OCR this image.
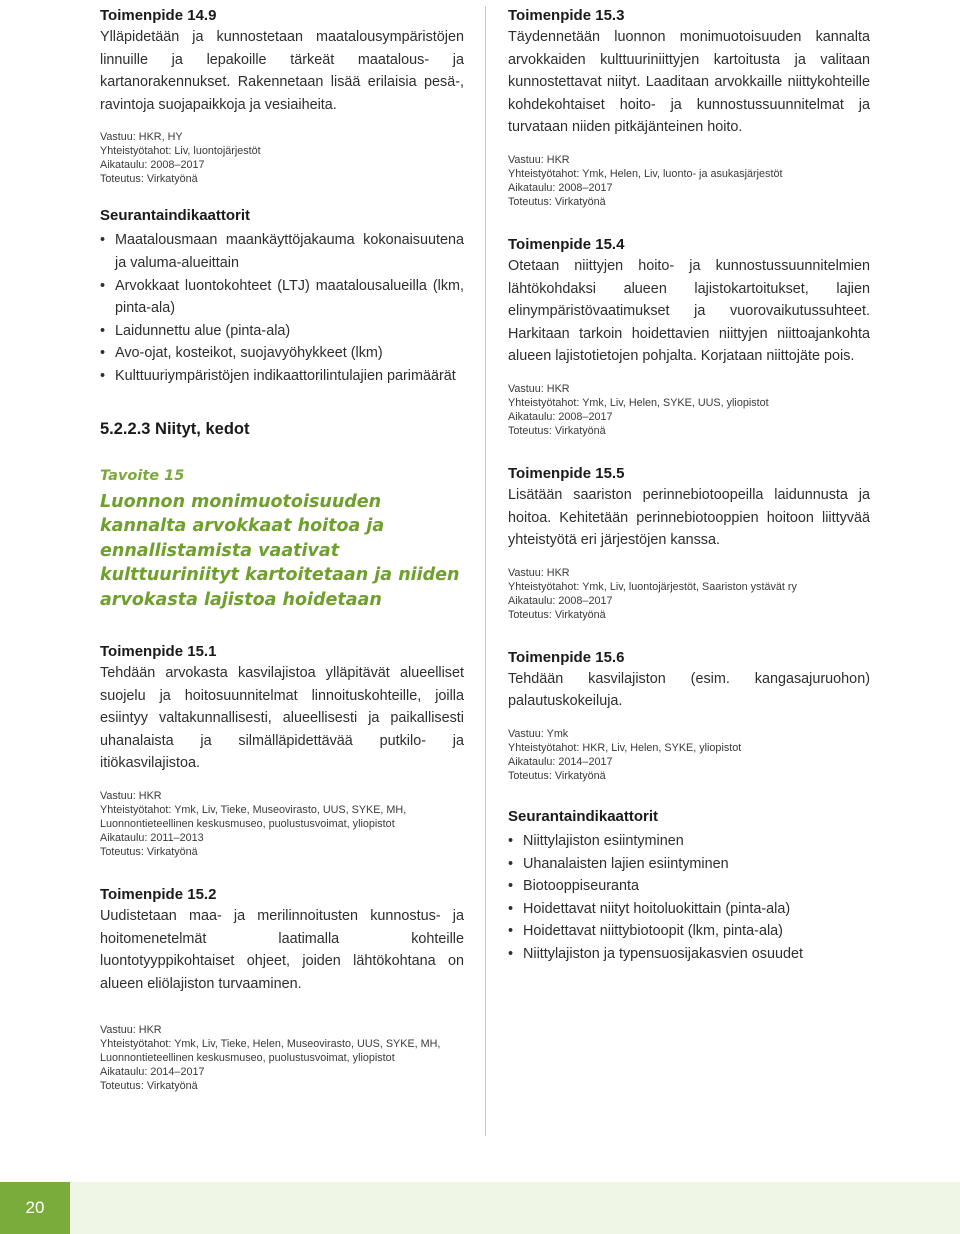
Toimenpide 14.9
Ylläpidetään ja kunnostetaan maatalousympäristöjen linnuille ja lepakoille tärkeät maatalous- ja kartanorakennukset. Rakennetaan lisää erilaisia pesä-, ravintoja suojapaikkoja ja vesiaiheita.
Vastuu: HKR, HY
Yhteistyötahot: Liv, luontojärjestöt
Aikataulu: 2008–2017
Toteutus: Virkatyönä
Seurantaindikaattorit
• Maatalousmaan maankäyttöjakauma kokonaisuutena ja valuma-alueittain
• Arvokkaat luontokohteet (LTJ) maatalousalueilla (lkm, pinta-ala)
• Laidunnettu alue (pinta-ala)
• Avo-ojat, kosteikot, suojavyöhykkeet (lkm)
• Kulttuuriympäristöjen indikaattorilintulajien parimäärät
5.2.2.3 Niityt, kedot
Tavoite 15
Luonnon monimuotoisuuden kannalta arvokkaat hoitoa ja ennallistamista vaativat kulttuuriniityt kartoitetaan ja niiden arvokasta lajistoa hoidetaan
Toimenpide 15.1
Tehdään arvokasta kasvilajistoa ylläpitävät alueelliset suojelu ja hoitosuunnitelmat linnoituskohteille, joilla esiintyy valtakunnallisesti, alueellisesti ja paikallisesti uhanalaista ja silmälläpidettävää putkilo- ja itiökasvilajistoa.
Vastuu: HKR
Yhteistyötahot: Ymk, Liv, Tieke, Museovirasto, UUS, SYKE, MH, Luonnontieteellinen keskusmuseo, puolustusvoimat, yliopistot
Aikataulu: 2011–2013
Toteutus: Virkatyönä
Toimenpide 15.2
Uudistetaan maa- ja merilinnoitusten kunnostus- ja hoitomenetelmät laatimalla kohteille luontotyyppikohtaiset ohjeet, joiden lähtökohtana on alueen eliölajiston turvaaminen.
Vastuu: HKR
Yhteistyötahot: Ymk, Liv, Tieke, Helen, Museovirasto, UUS, SYKE, MH, Luonnontieteellinen keskusmuseo, puolustusvoimat, yliopistot
Aikataulu: 2014–2017
Toteutus: Virkatyönä
Toimenpide 15.3
Täydennetään luonnon monimuotoisuuden kannalta arvokkaiden kulttuuriniittyjen kartoitusta ja valitaan kunnostettavat niityt. Laaditaan arvokkaille niittykohteille kohdekohtaiset hoito- ja kunnostussuunnitelmat ja turvataan niiden pitkäjänteinen hoito.
Vastuu: HKR
Yhteistyötahot: Ymk, Helen, Liv, luonto- ja asukasjärjestöt
Aikataulu: 2008–2017
Toteutus: Virkatyönä
Toimenpide 15.4
Otetaan niittyjen hoito- ja kunnostussuunnitelmien lähtökohdaksi alueen lajistokartoitukset, lajien elinympäristövaatimukset ja vuorovaikutussuhteet. Harkitaan tarkoin hoidettavien niittyjen niittoajankohta alueen lajistotietojen pohjalta. Korjataan niittojäte pois.
Vastuu: HKR
Yhteistyötahot: Ymk, Liv, Helen, SYKE, UUS, yliopistot
Aikataulu: 2008–2017
Toteutus: Virkatyönä
Toimenpide 15.5
Lisätään saariston perinnebiotoopeilla laidunnusta ja hoitoa. Kehitetään perinnebiotooppien hoitoon liittyvää yhteistyötä eri järjestöjen kanssa.
Vastuu: HKR
Yhteistyötahot: Ymk, Liv, luontojärjestöt, Saariston ystävät ry
Aikataulu: 2008–2017
Toteutus: Virkatyönä
Toimenpide 15.6
Tehdään kasvilajiston (esim. kangasajuruohon) palautuskokeiluja.
Vastuu: Ymk
Yhteistyötahot: HKR, Liv, Helen, SYKE, yliopistot
Aikataulu: 2014–2017
Toteutus: Virkatyönä
Seurantaindikaattorit
• Niittylajiston esiintyminen
• Uhanalaisten lajien esiintyminen
• Biotooppiseuranta
• Hoidettavat niityt hoitoluokittain (pinta-ala)
• Hoidettavat niittybiotoopit (lkm, pinta-ala)
• Niittylajiston ja typensuosijakasvien osuudet
20
